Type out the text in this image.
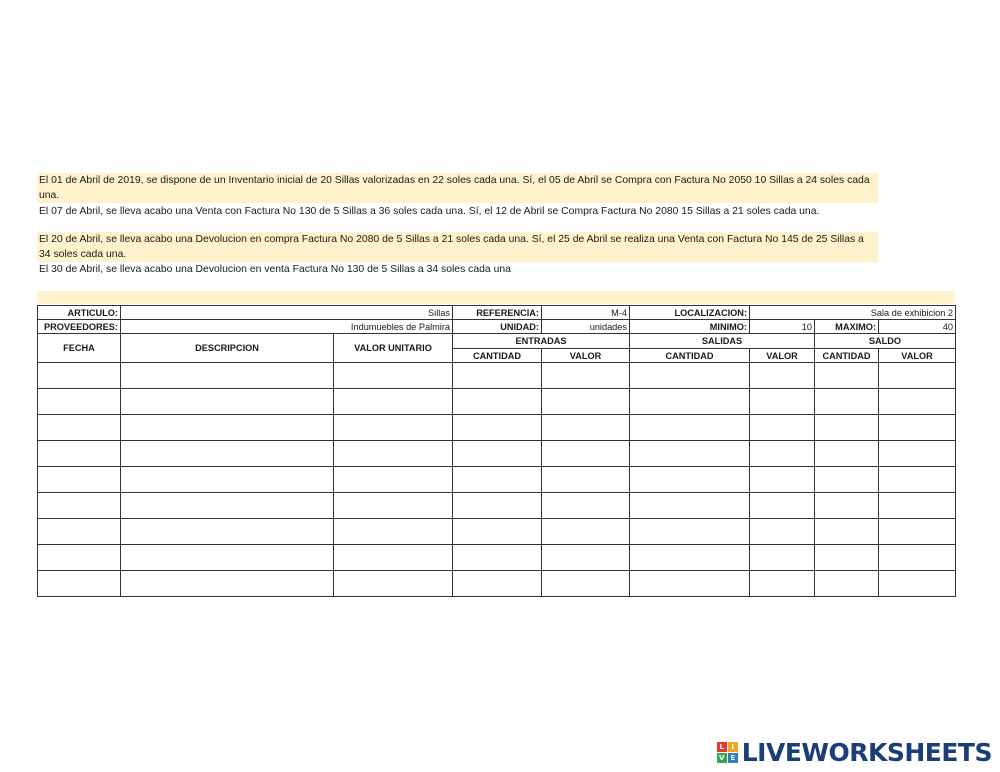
El 01 de Abril de 2019, se dispone de un Inventario inicial de 20 Sillas valorizadas en 22 soles cada una. Sí, el 05 de Abril se Compra con Factura No 2050 10 Sillas a 24 soles cada una.
El 07 de Abril, se lleva acabo una Venta con Factura No 130 de 5 Sillas a 36 soles cada una. Sí, el 12 de Abril se Compra Factura No 2080 15 Sillas a 21 soles cada una.
El 20 de Abril, se lleva acabo una Devolucion en compra Factura No 2080 de 5 Sillas a 21 soles cada una. Sí, el 25 de Abril se realiza una Venta con Factura No 145 de 25 Sillas a 34 soles cada una.
El 30 de Abril, se lleva acabo una Devolucion en venta Factura No 130 de 5 Sillas a 34 soles cada una
ARTICULO:	Sillas		REFERENCIA:	M-4	LOCALIZACION:	Sala de exhibicion 2		
PROVEEDORES:	Indumuebles de Palmira		UNIDAD:	unidades	MINIMO:	10	MAXIMO:	40
FECHA	DESCRIPCION	VALOR UNITARIO	ENTRADAS		SALIDAS		SALDO	
			CANTIDAD	VALOR	CANTIDAD	VALOR	CANTIDAD	VALOR

L	I
V E LIVEWORKSHEETS
